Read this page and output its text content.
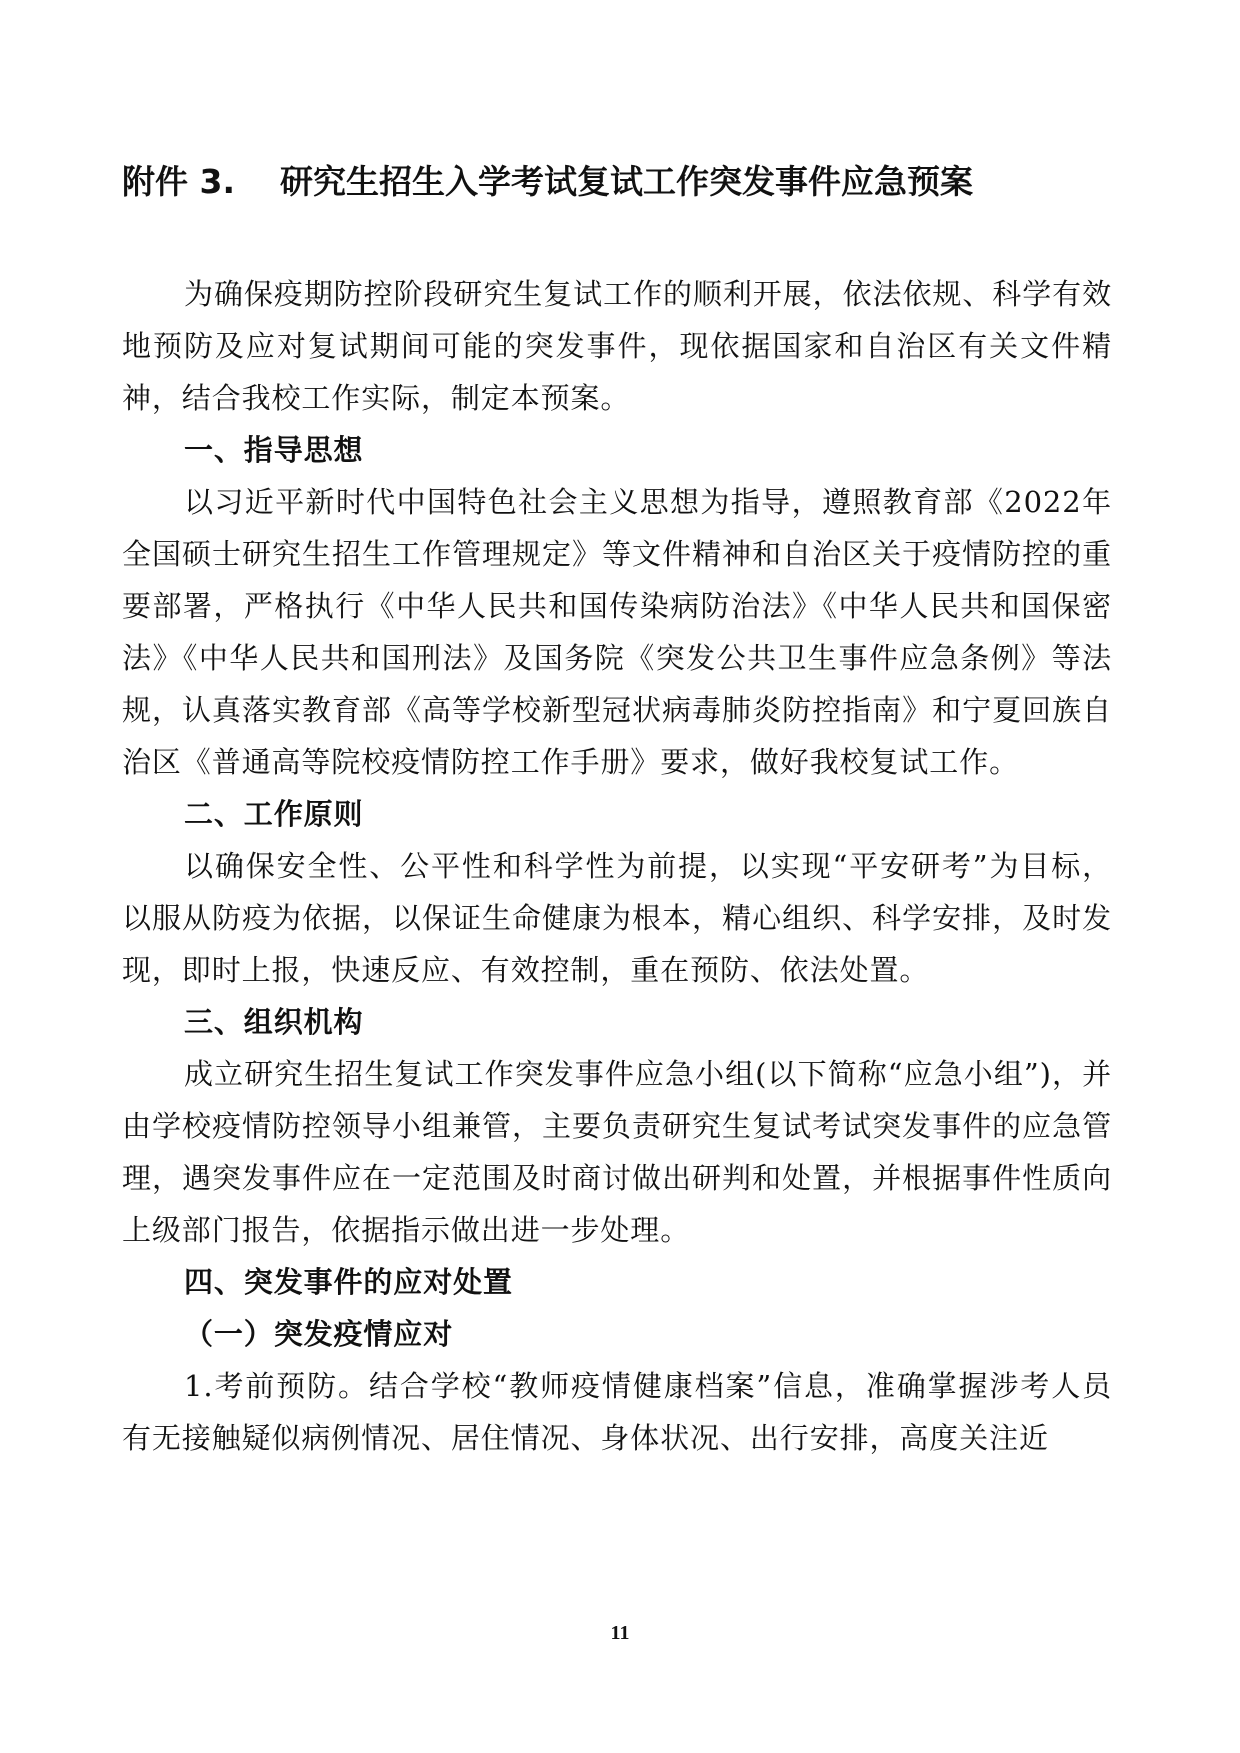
附件 3. 研究生招生入学考试复试工作突发事件应急预案

为确保疫期防控阶段研究生复试工作的顺利开展，依法依规、科学有效地预防及应对复试期间可能的突发事件，现依据国家和自治区有关文件精神，结合我校工作实际，制定本预案。

一、指导思想

以习近平新时代中国特色社会主义思想为指导，遵照教育部《2022年全国硕士研究生招生工作管理规定》等文件精神和自治区关于疫情防控的重要部署，严格执行《中华人民共和国传染病防治法》《中华人民共和国保密法》《中华人民共和国刑法》及国务院《突发公共卫生事件应急条例》等法规，认真落实教育部《高等学校新型冠状病毒肺炎防控指南》和宁夏回族自治区《普通高等院校疫情防控工作手册》要求，做好我校复试工作。

二、工作原则

以确保安全性、公平性和科学性为前提，以实现“平安研考”为目标，以服从防疫为依据，以保证生命健康为根本，精心组织、科学安排，及时发现，即时上报，快速反应、有效控制，重在预防、依法处置。

三、组织机构

成立研究生招生复试工作突发事件应急小组(以下简称“应急小组”)，并由学校疫情防控领导小组兼管，主要负责研究生复试考试突发事件的应急管理，遇突发事件应在一定范围及时商讨做出研判和处置，并根据事件性质向上级部门报告，依据指示做出进一步处理。

四、突发事件的应对处置
（一）突发疫情应对

1.考前预防。结合学校“教师疫情健康档案”信息，准确掌握涉考人员有无接触疑似病例情况、居住情况、身体状况、出行安排，高度关注近

11
